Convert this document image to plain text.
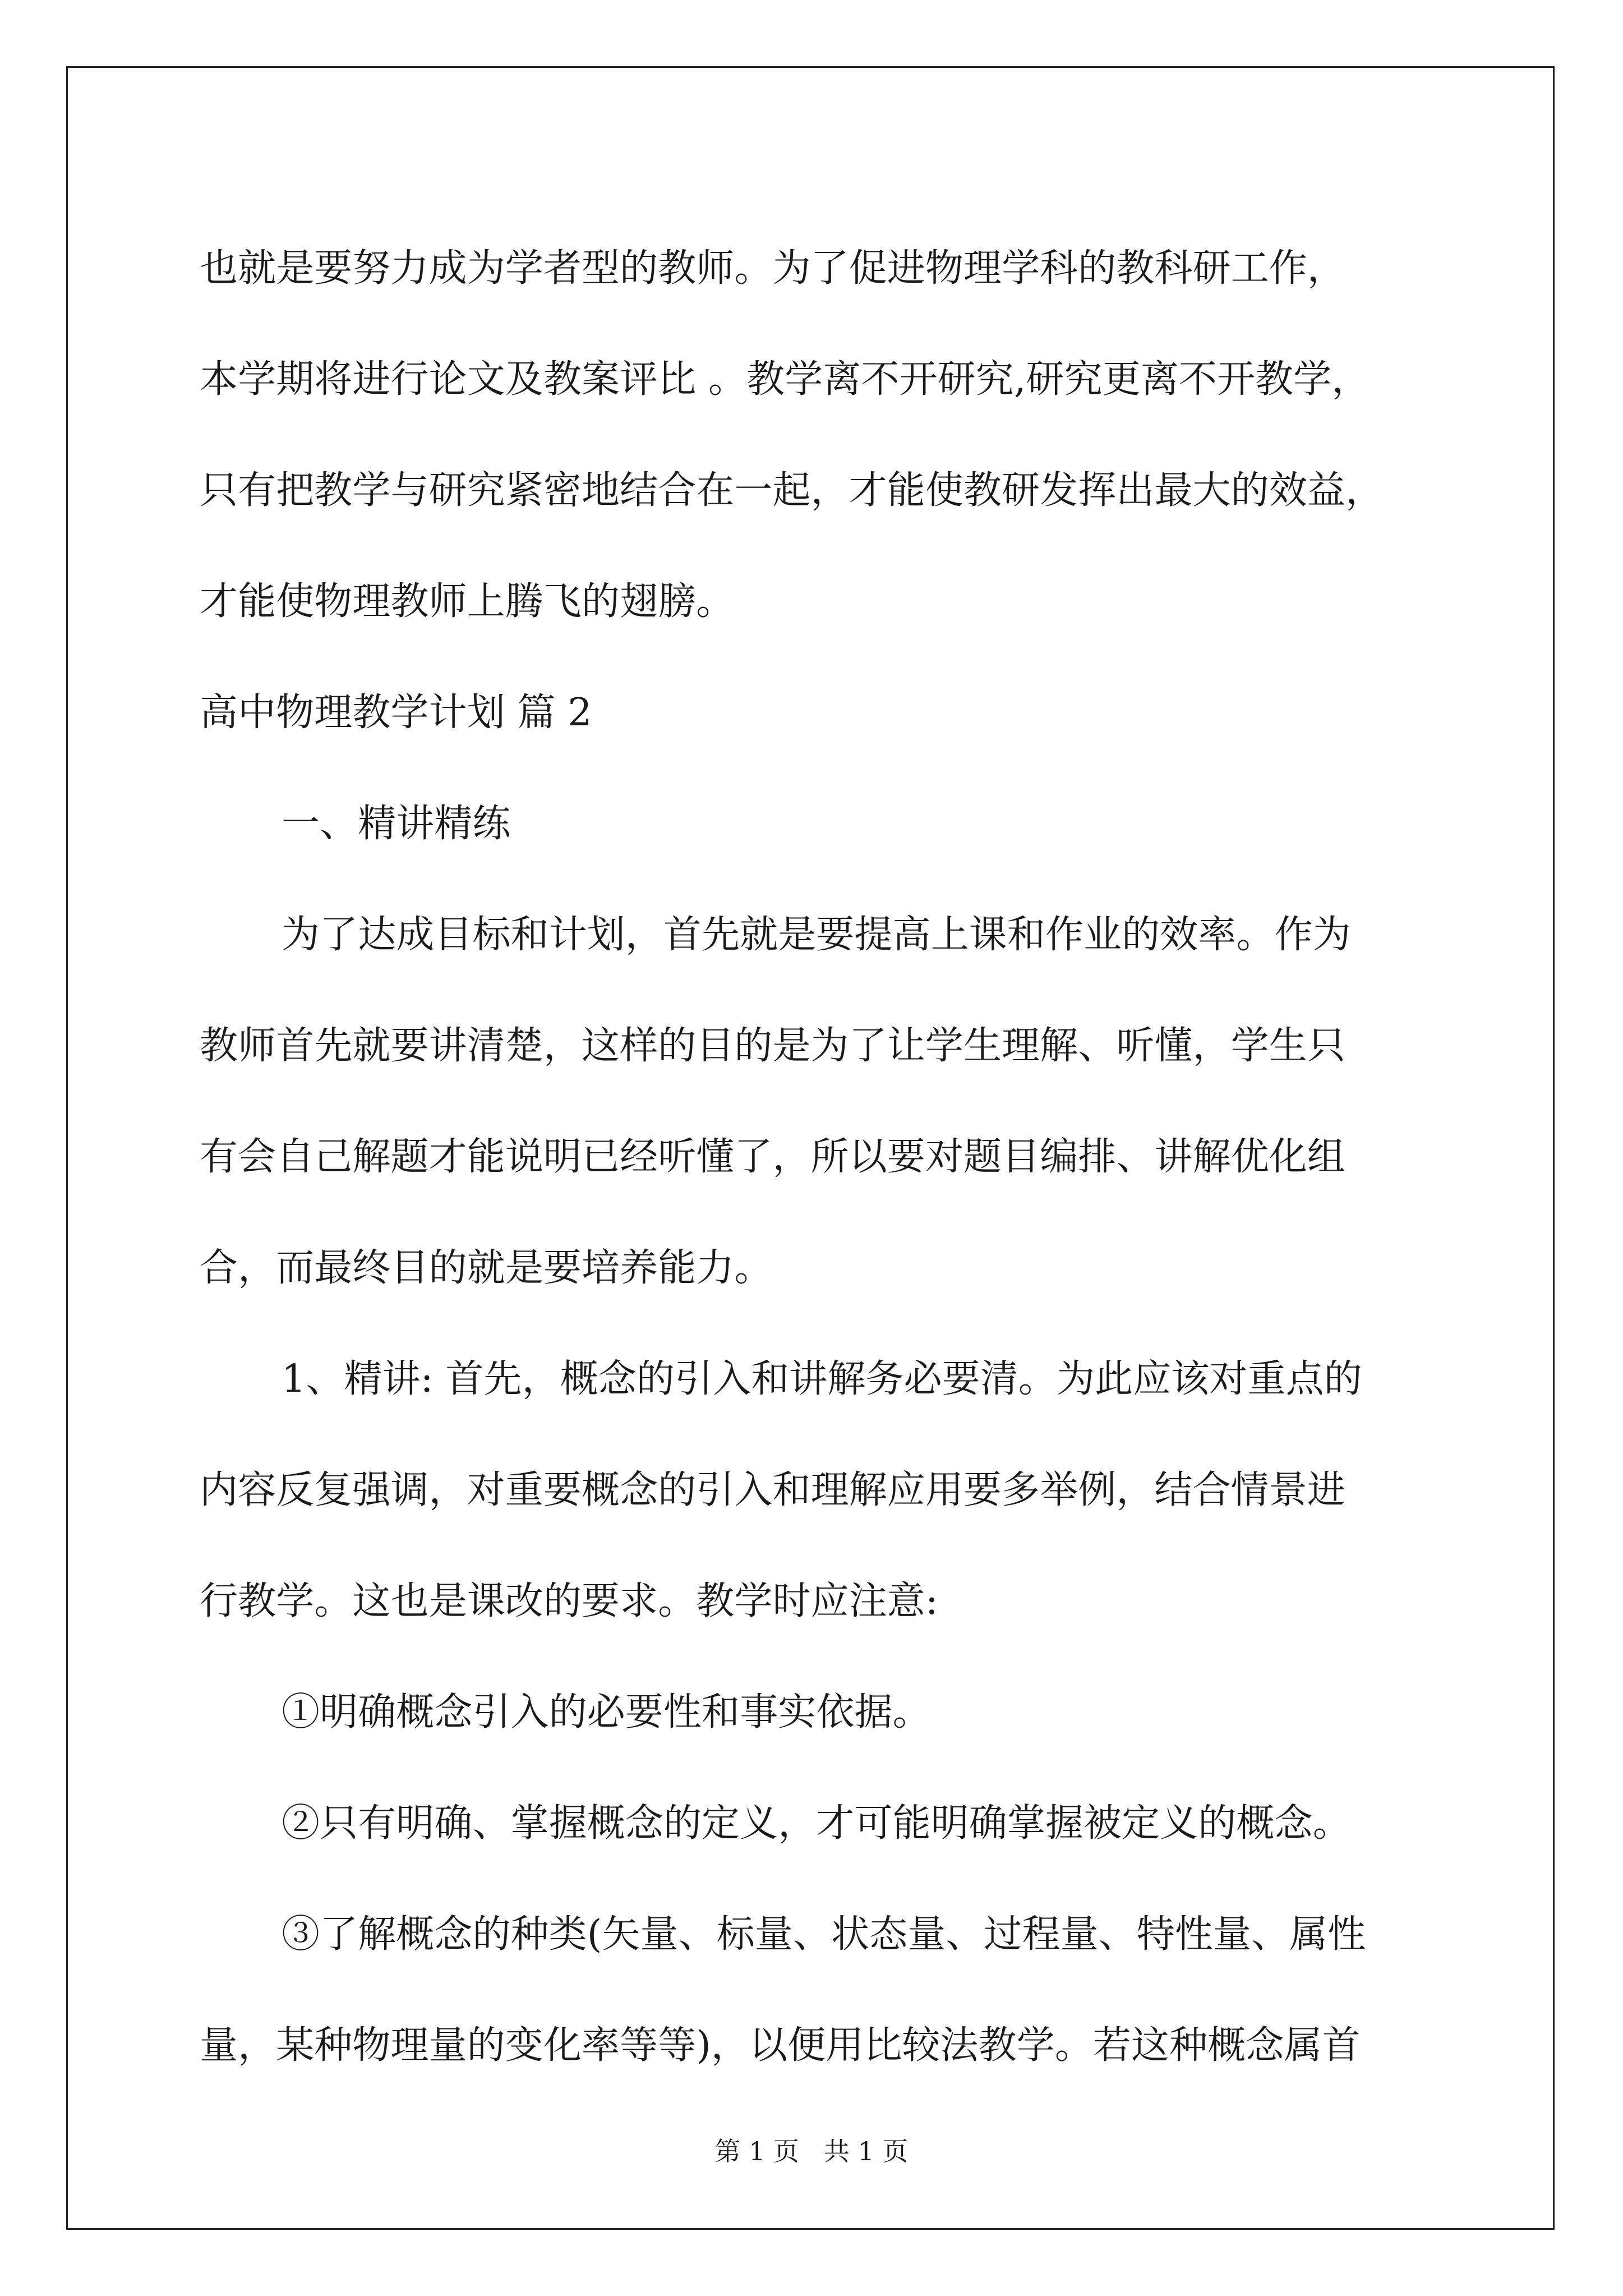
也就是要努力成为学者型的教师。为了促进物理学科的教科研工作，
本学期将进行论文及教案评比 。教学离不开研究,研究更离不开教学，
只有把教学与研究紧密地结合在一起，才能使教研发挥出最大的效益，
才能使物理教师上腾飞的翅膀。
高中物理教学计划 篇 2
一、精讲精练
为了达成目标和计划，首先就是要提高上课和作业的效率。作为
教师首先就要讲清楚，这样的目的是为了让学生理解、听懂，学生只
有会自己解题才能说明已经听懂了，所以要对题目编排、讲解优化组
合，而最终目的就是要培养能力。
1、精讲: 首先，概念的引入和讲解务必要清。为此应该对重点的
内容反复强调，对重要概念的引入和理解应用要多举例，结合情景进
行教学。这也是课改的要求。教学时应注意:
①明确概念引入的必要性和事实依据。
②只有明确、掌握概念的定义，才可能明确掌握被定义的概念。
③了解概念的种类(矢量、标量、状态量、过程量、特性量、属性
量，某种物理量的变化率等等)，以便用比较法教学。若这种概念属首
第 1 页   共 1 页
